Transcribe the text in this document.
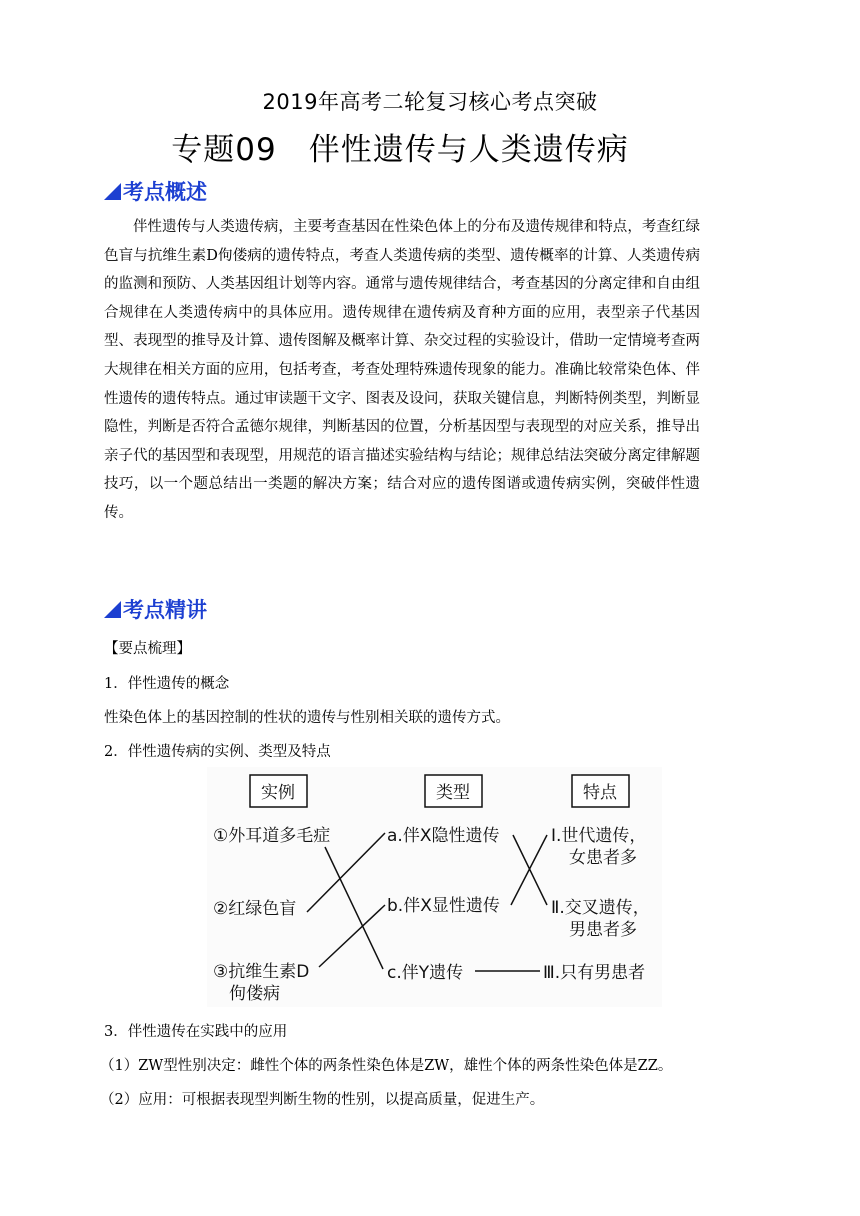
2019年高考二轮复习核心考点突破
专题09　伴性遗传与人类遗传病
考点概述
伴性遗传与人类遗传病，主要考查基因在性染色体上的分布及遗传规律和特点，考查红绿色盲与抗维生素D佝偻病的遗传特点，考查人类遗传病的类型、遗传概率的计算、人类遗传病的监测和预防、人类基因组计划等内容。通常与遗传规律结合，考查基因的分离定律和自由组合规律在人类遗传病中的具体应用。遗传规律在遗传病及育种方面的应用，表型亲子代基因型、表现型的推导及计算、遗传图解及概率计算、杂交过程的实验设计，借助一定情境考查两大规律在相关方面的应用，包括考查，考查处理特殊遗传现象的能力。准确比较常染色体、伴性遗传的遗传特点。通过审读题干文字、图表及设问，获取关键信息，判断特例类型，判断显隐性，判断是否符合孟德尔规律，判断基因的位置，分析基因型与表现型的对应关系，推导出亲子代的基因型和表现型，用规范的语言描述实验结构与结论；规律总结法突破分离定律解题技巧，以一个题总结出一类题的解决方案；结合对应的遗传图谱或遗传病实例，突破伴性遗传。
考点精讲
【要点梳理】
1．伴性遗传的概念
性染色体上的基因控制的性状的遗传与性别相关联的遗传方式。
2．伴性遗传病的实例、类型及特点
实例	类型	特点
①外耳道多毛症
②红绿色盲
③抗维生素D
佝偻病
a.伴X隐性遗传
b.伴X显性遗传
c.伴Y遗传
Ⅰ.世代遗传，
女患者多
Ⅱ.交叉遗传，
男患者多
Ⅲ.只有男患者
3．伴性遗传在实践中的应用
（1）ZW型性别决定：雌性个体的两条性染色体是ZW，雄性个体的两条性染色体是ZZ。
（2）应用：可根据表现型判断生物的性别，以提高质量，促进生产。
